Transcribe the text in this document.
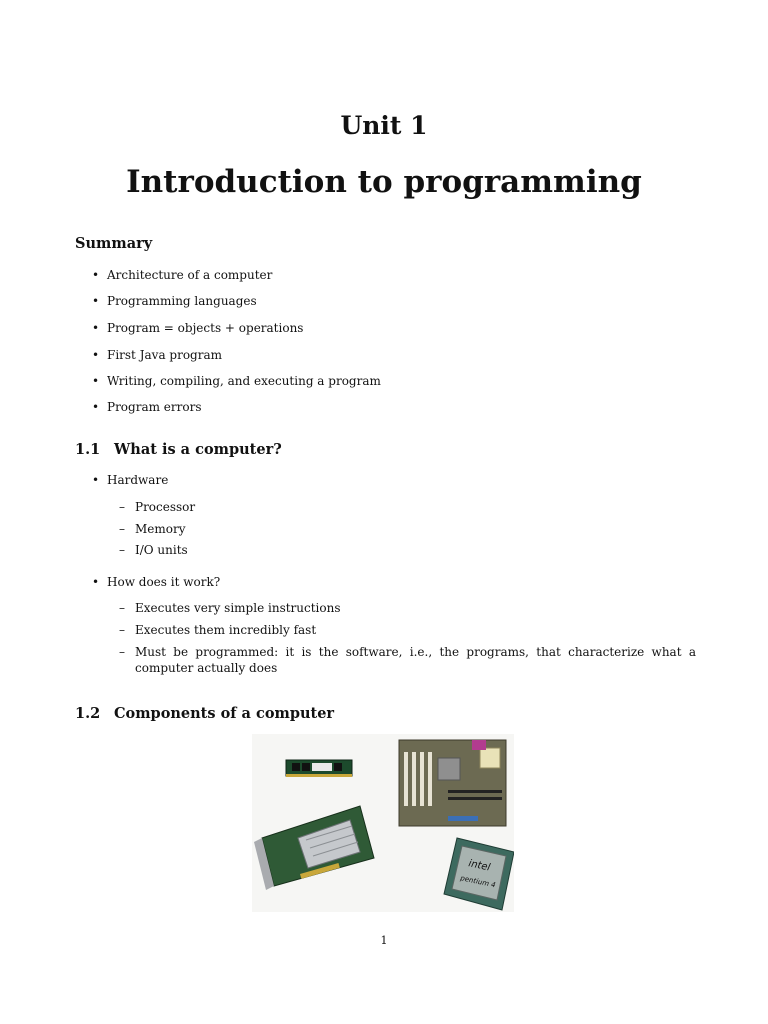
Unit 1
Introduction to programming
Summary
• Architecture of a computer
• Programming languages
• Program = objects + operations
• First Java program
• Writing, compiling, and executing a program
• Program errors
1.1 What is a computer?
• Hardware
– Processor
– Memory
– I/O units
• How does it work?
– Executes very simple instructions
– Executes them incredibly fast
– Must be programmed: it is the software, i.e., the programs, that characterize what a computer actually does
1.2 Components of a computer
intel
pentium 4
1
